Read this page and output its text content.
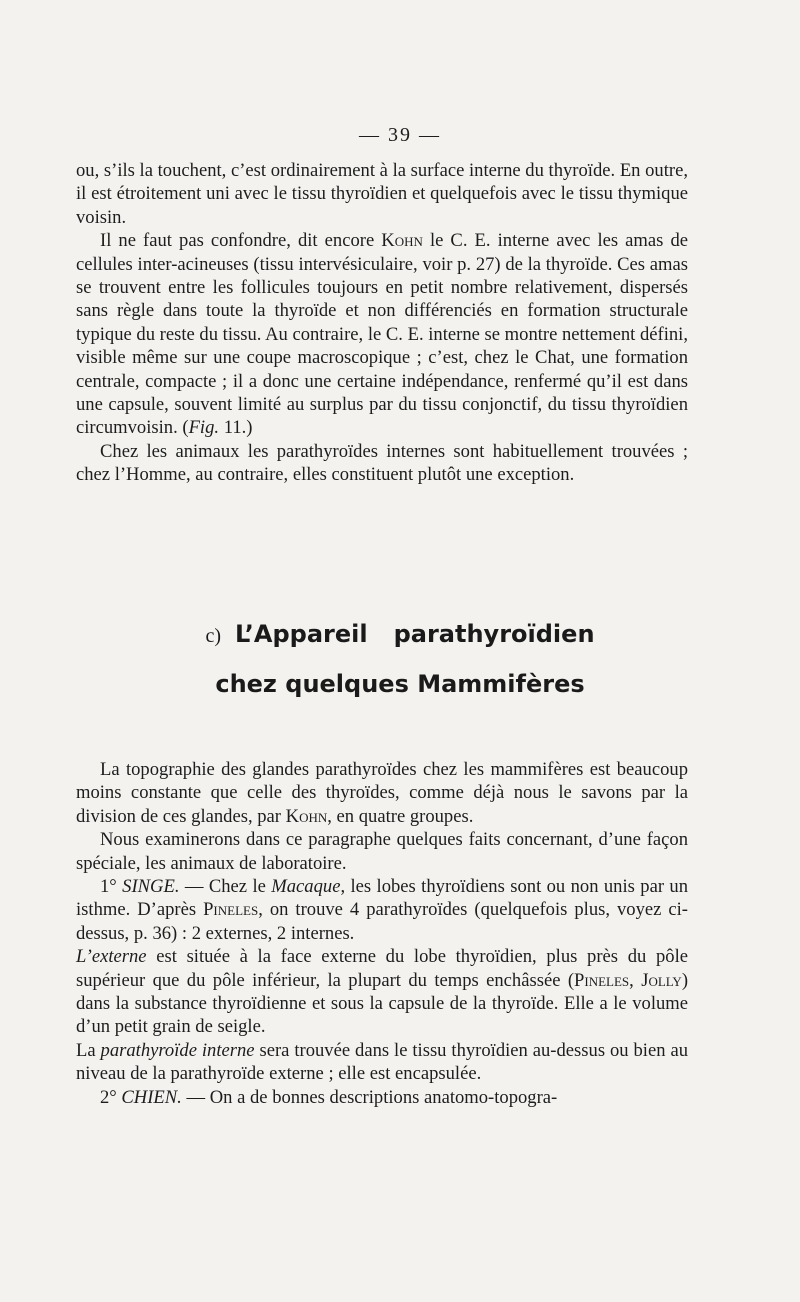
— 39 —

ou, s’ils la touchent, c’est ordinairement à la surface interne du thyroïde. En outre, il est étroitement uni avec le tissu thyroïdien et quelquefois avec le tissu thymique voisin.

Il ne faut pas confondre, dit encore Kohn le C. E. interne avec les amas de cellules inter-acineuses (tissu intervésiculaire, voir p. 27) de la thyroïde. Ces amas se trouvent entre les follicules toujours en petit nombre relativement, dispersés sans règle dans toute la thyroïde et non différenciés en formation structurale typique du reste du tissu. Au contraire, le C. E. interne se montre nettement défini, visible même sur une coupe macroscopique ; c’est, chez le Chat, une formation centrale, compacte ; il a donc une certaine indépendance, renfermé qu’il est dans une capsule, souvent limité au surplus par du tissu conjonctif, du tissu thyroïdien circumvoisin. (Fig. 11.)

Chez les animaux les parathyroïdes internes sont habituellement trouvées ; chez l’Homme, au contraire, elles constituent plutôt une exception.

c) L’Appareil parathyroïdien
chez quelques Mammifères

La topographie des glandes parathyroïdes chez les mammifères est beaucoup moins constante que celle des thyroïdes, comme déjà nous le savons par la division de ces glandes, par Kohn, en quatre groupes.

Nous examinerons dans ce paragraphe quelques faits concernant, d’une façon spéciale, les animaux de laboratoire.

1° SINGE. — Chez le Macaque, les lobes thyroïdiens sont ou non unis par un isthme. D’après Pineles, on trouve 4 parathyroïdes (quelquefois plus, voyez ci-dessus, p. 36) : 2 externes, 2 internes.

L’externe est située à la face externe du lobe thyroïdien, plus près du pôle supérieur que du pôle inférieur, la plupart du temps enchâssée (Pineles, Jolly) dans la substance thyroïdienne et sous la capsule de la thyroïde. Elle a le volume d’un petit grain de seigle.

La parathyroïde interne sera trouvée dans le tissu thyroïdien au-dessus ou bien au niveau de la parathyroïde externe ; elle est encapsulée.

2° CHIEN. — On a de bonnes descriptions anatomo-topogra-
